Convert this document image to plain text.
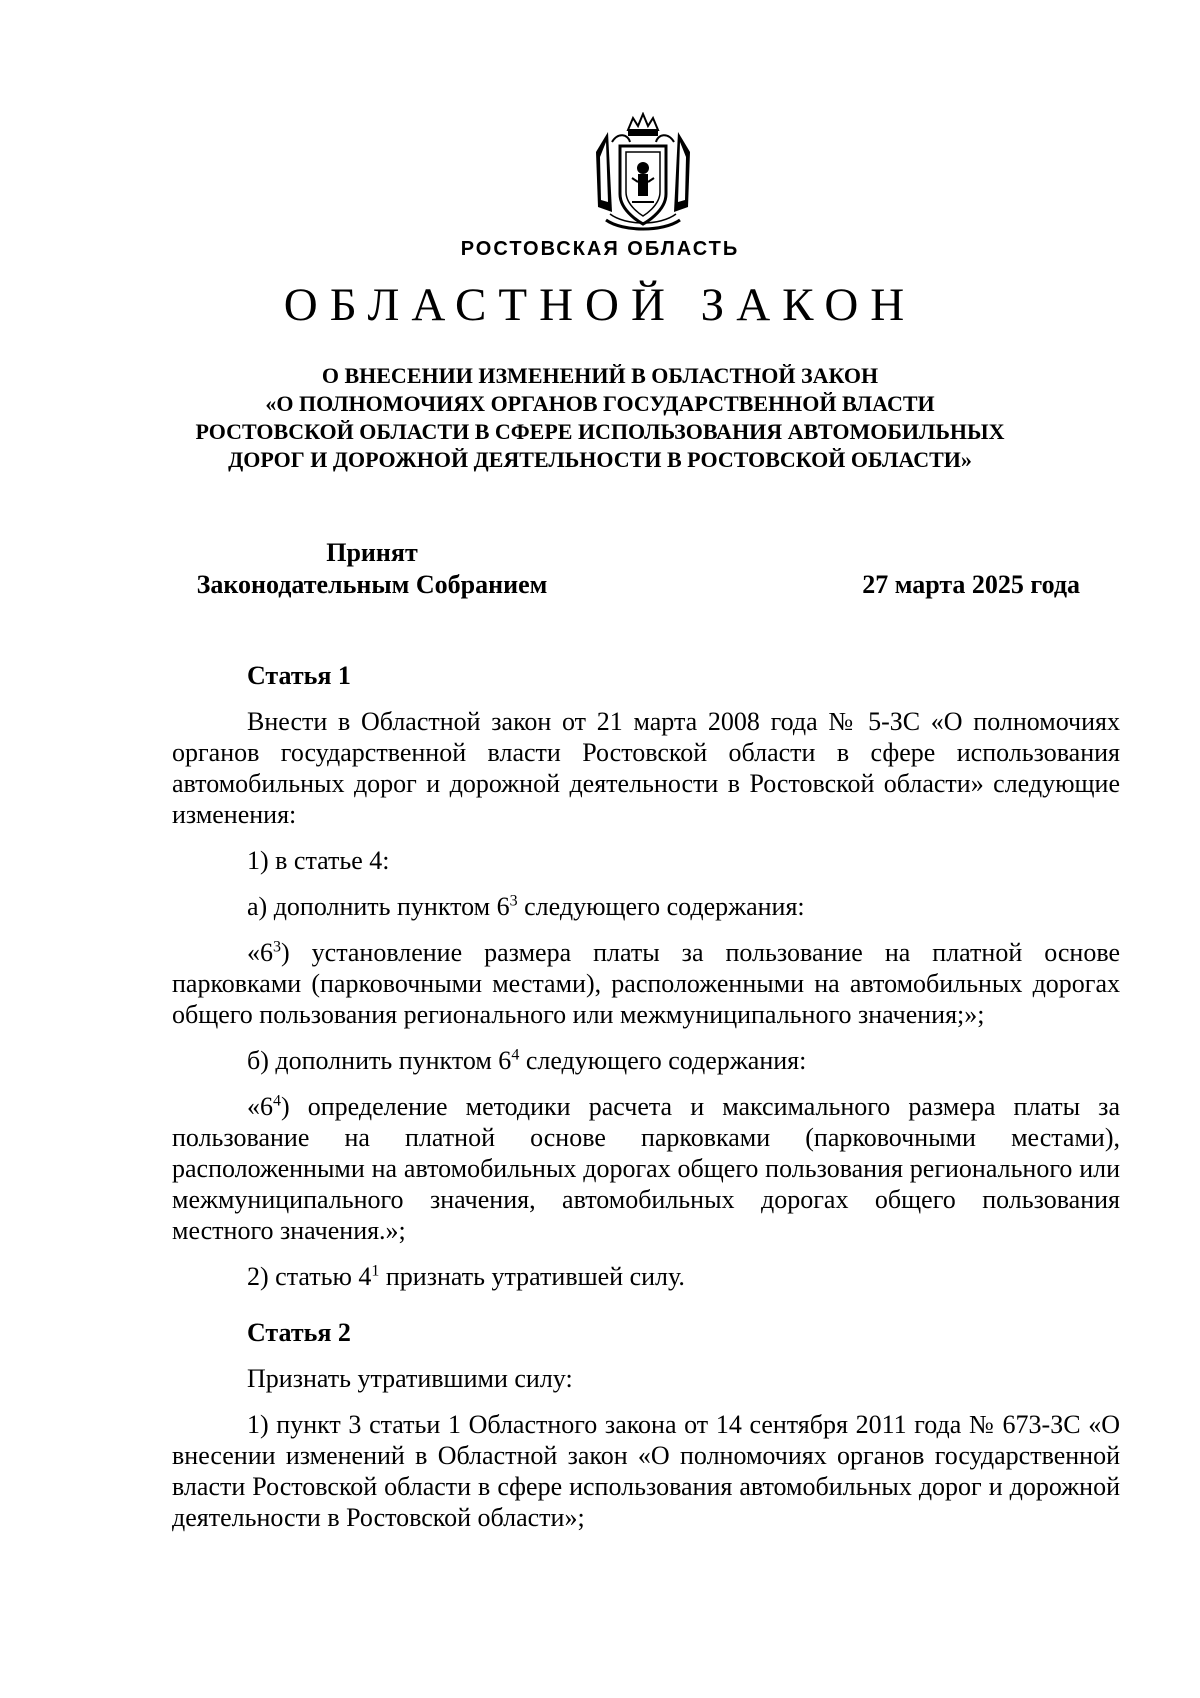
РОСТОВСКАЯ ОБЛАСТЬ
ОБЛАСТНОЙ ЗАКОН
О ВНЕСЕНИИ ИЗМЕНЕНИЙ В ОБЛАСТНОЙ ЗАКОН
«О ПОЛНОМОЧИЯХ ОРГАНОВ ГОСУДАРСТВЕННОЙ ВЛАСТИ
РОСТОВСКОЙ ОБЛАСТИ В СФЕРЕ ИСПОЛЬЗОВАНИЯ АВТОМОБИЛЬНЫХ
ДОРОГ И ДОРОЖНОЙ ДЕЯТЕЛЬНОСТИ В РОСТОВСКОЙ ОБЛАСТИ»
Принят
Законодательным Собранием	27 марта 2025 года

Статья 1

Внести в Областной закон от 21 марта 2008 года № 5-ЗС «О полномочиях органов государственной власти Ростовской области в сфере использования автомобильных дорог и дорожной деятельности в Ростовской области» следующие изменения:

1) в статье 4:

а) дополнить пунктом $6^3$ следующего содержания:

«$6^3$) установление размера платы за пользование на платной основе парковками (парковочными местами), расположенными на автомобильных дорогах общего пользования регионального или межмуниципального значения;»;

б) дополнить пунктом $6^4$ следующего содержания:

«$6^4$) определение методики расчета и максимального размера платы за пользование на платной основе парковками (парковочными местами), расположенными на автомобильных дорогах общего пользования регионального или межмуниципального значения, автомобильных дорогах общего пользования местного значения.»;

2) статью $4^1$ признать утратившей силу.

Статья 2

Признать утратившими силу:

1) пункт 3 статьи 1 Областного закона от 14 сентября 2011 года № 673-ЗС «О внесении изменений в Областной закон «О полномочиях органов государственной власти Ростовской области в сфере использования автомобильных дорог и дорожной деятельности в Ростовской области»;
